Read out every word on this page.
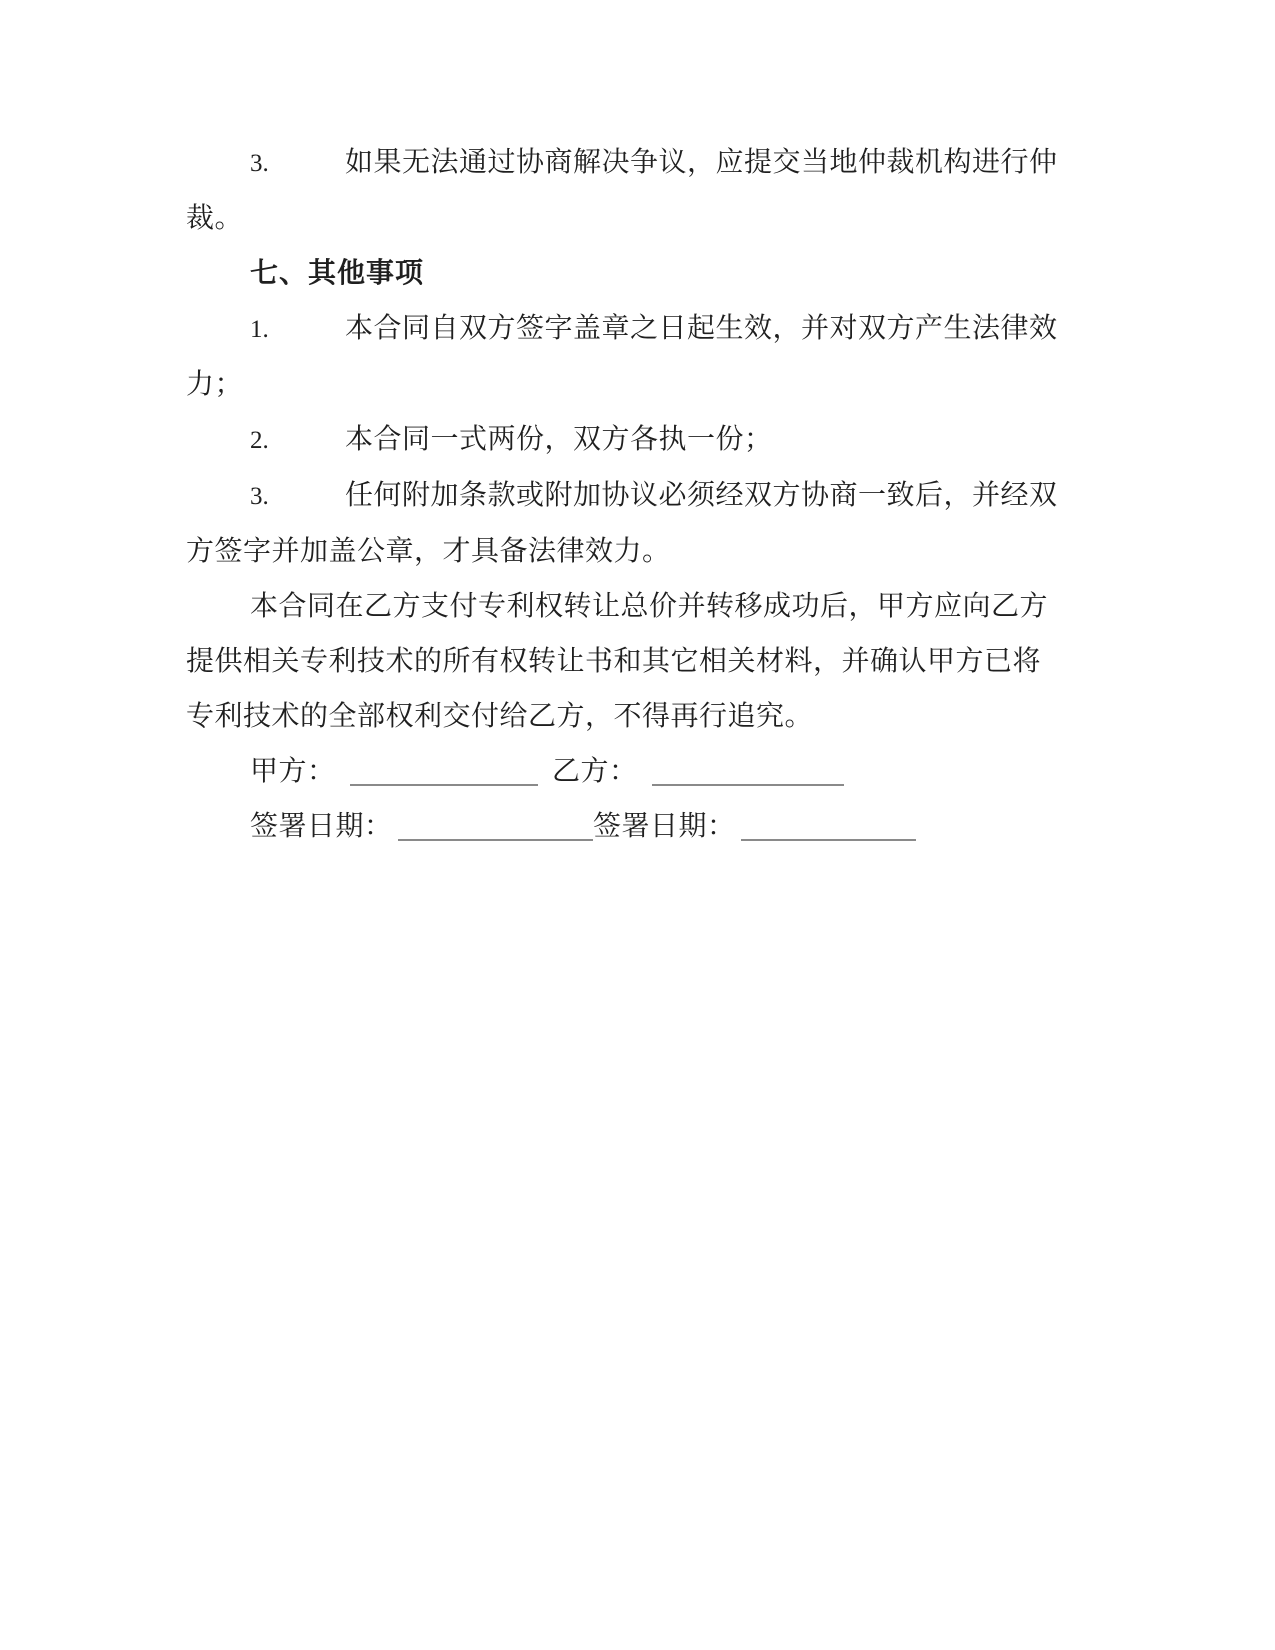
3.	如果无法通过协商解决争议，应提交当地仲裁机构进行仲
裁。

七、其他事项

1.	本合同自双方签字盖章之日起生效，并对双方产生法律效
力；

2.	本合同一式两份，双方各执一份；

3.	任何附加条款或附加协议必须经双方协商一致后，并经双
方签字并加盖公章，才具备法律效力。

本合同在乙方支付专利权转让总价并转移成功后，甲方应向乙方
提供相关专利技术的所有权转让书和其它相关材料，并确认甲方已将
专利技术的全部权利交付给乙方，不得再行追究。

甲方：	乙方：

签署日期：	签署日期：
